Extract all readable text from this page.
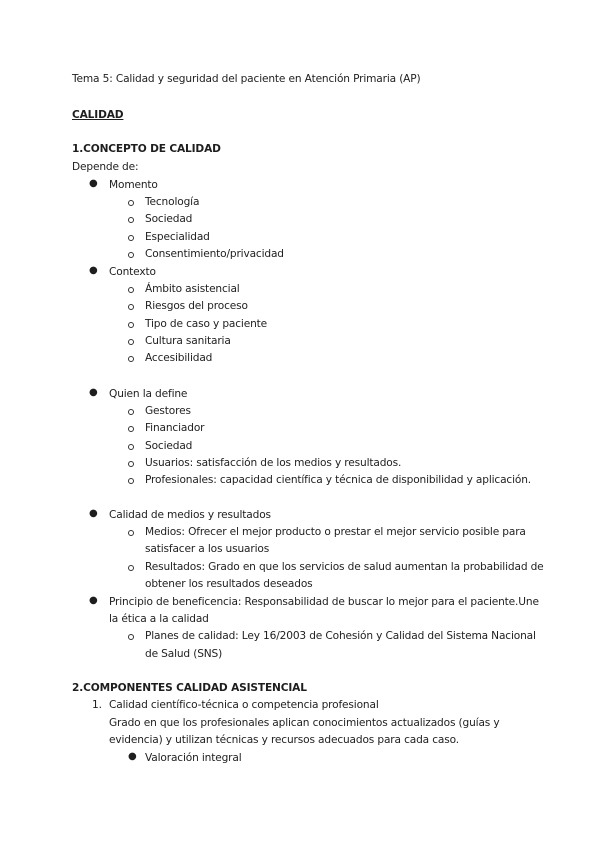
Tema 5: Calidad y seguridad del paciente en Atención Primaria (AP)
CALIDAD
1.CONCEPTO DE CALIDAD
Depende de:
● Momento
Tecnología
Sociedad
Especialidad
Consentimiento/privacidad
● Contexto
Ámbito asistencial
Riesgos del proceso
Tipo de caso y paciente
Cultura sanitaria
Accesibilidad
● Quien la define
Gestores
Financiador
Sociedad
Usuarios: satisfacción de los medios y resultados.
Profesionales: capacidad científica y técnica de disponibilidad y aplicación.
● Calidad de medios y resultados
Medios: Ofrecer el mejor producto o prestar el mejor servicio posible para
satisfacer a los usuarios
Resultados: Grado en que los servicios de salud aumentan la probabilidad de
obtener los resultados deseados
● Principio de beneficencia: Responsabilidad de buscar lo mejor para el paciente.Une
la ética a la calidad
Planes de calidad: Ley 16/2003 de Cohesión y Calidad del Sistema Nacional
de Salud (SNS)
2.COMPONENTES CALIDAD ASISTENCIAL
1. Calidad científico-técnica o competencia profesional
Grado en que los profesionales aplican conocimientos actualizados (guías y
evidencia) y utilizan técnicas y recursos adecuados para cada caso.
● Valoración integral
